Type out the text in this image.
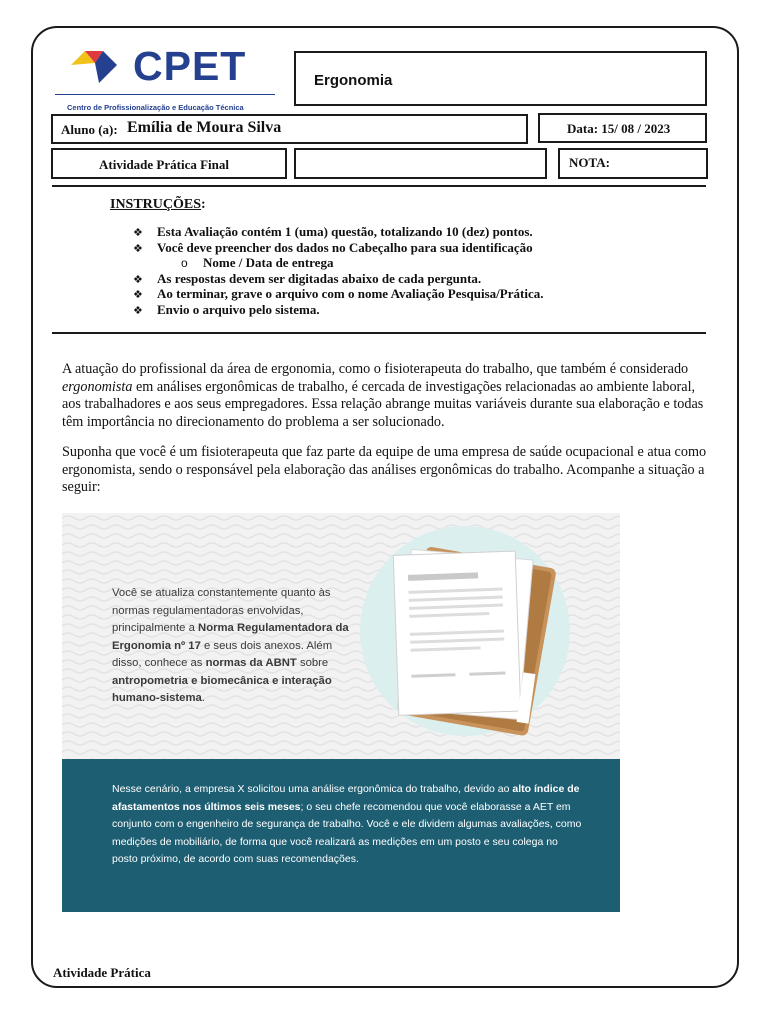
CPET
Centro de Profissionalização e Educação Técnica
Ergonomia
Aluno (a): Emília de Moura Silva	Data: 15/ 08 / 2023
Atividade Prática Final	NOTA:
INSTRUÇÕES:
❖ Esta Avaliação contém 1 (uma) questão, totalizando 10 (dez) pontos.
❖ Você deve preencher dos dados no Cabeçalho para sua identificação
o Nome / Data de entrega
❖ As respostas devem ser digitadas abaixo de cada pergunta.
❖ Ao terminar, grave o arquivo com o nome Avaliação Pesquisa/Prática.
❖ Envio o arquivo pelo sistema.

A atuação do profissional da área de ergonomia, como o fisioterapeuta do trabalho, que também é considerado ergonomista em análises ergonômicas de trabalho, é cercada de investigações relacionadas ao ambiente laboral, aos trabalhadores e aos seus empregadores. Essa relação abrange muitas variáveis durante sua elaboração e todas têm importância no direcionamento do problema a ser solucionado.

Suponha que você é um fisioterapeuta que faz parte da equipe de uma empresa de saúde ocupacional e atua como ergonomista, sendo o responsável pela elaboração das análises ergonômicas do trabalho. Acompanhe a situação a seguir:

Você se atualiza constantemente quanto às normas regulamentadoras envolvidas, principalmente a Norma Regulamentadora da Ergonomia nº 17 e seus dois anexos. Além disso, conhece as normas da ABNT sobre antropometria e biomecânica e interação humano-sistema.
Nesse cenário, a empresa X solicitou uma análise ergonômica do trabalho, devido ao alto índice de afastamentos nos últimos seis meses; o seu chefe recomendou que você elaborasse a AET em conjunto com o engenheiro de segurança de trabalho. Você e ele dividem algumas avaliações, como medições de mobiliário, de forma que você realizará as medições em um posto e seu colega no posto próximo, de acordo com suas recomendações.
Atividade Prática
